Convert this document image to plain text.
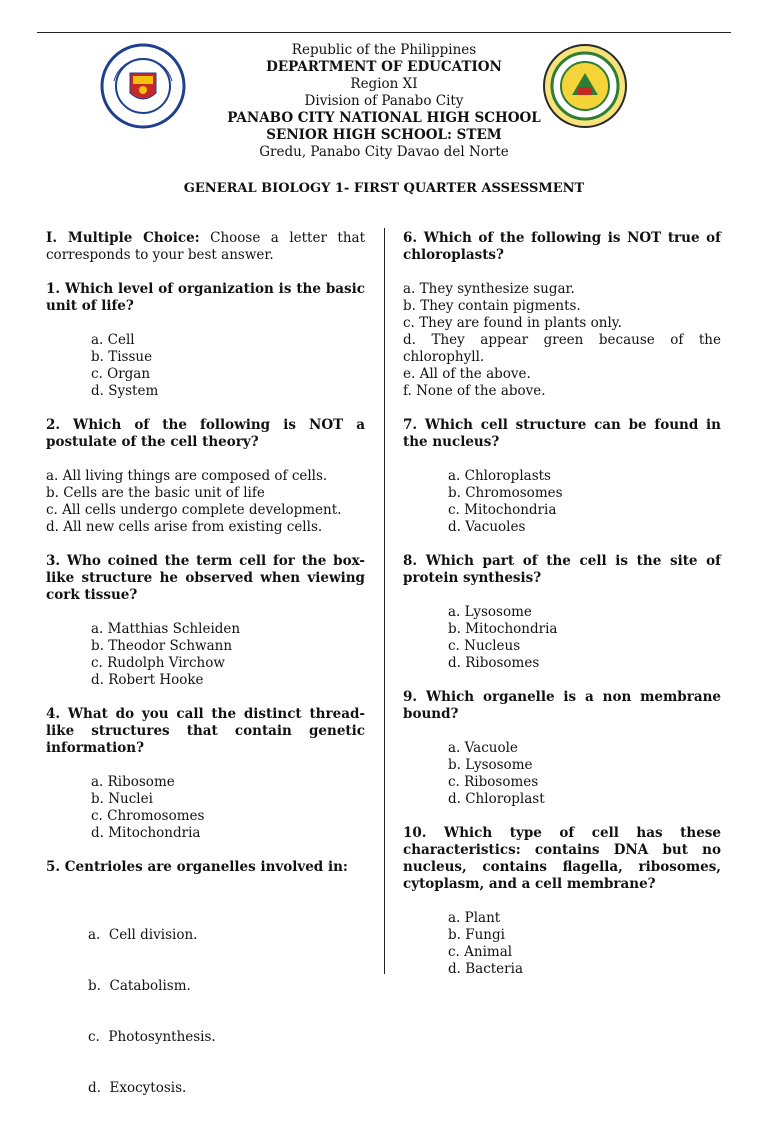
Republic of the Philippines
DEPARTMENT OF EDUCATION
Region XI
Division of Panabo City
PANABO CITY NATIONAL HIGH SCHOOL
SENIOR HIGH SCHOOL: STEM
Gredu, Panabo City Davao del Norte
GENERAL BIOLOGY 1- FIRST QUARTER ASSESSMENT
I. Multiple Choice: Choose a letter that corresponds to your best answer.
1. Which level of organization is the basic unit of life?
a. Cell
b. Tissue
c. Organ
d. System
2. Which of the following is NOT a postulate of the cell theory?
a. All living things are composed of cells.
b. Cells are the basic unit of life
c. All cells undergo complete development.
d. All new cells arise from existing cells.
3. Who coined the term cell for the box-like structure he observed when viewing cork tissue?
a. Matthias Schleiden
b. Theodor Schwann
c. Rudolph Virchow
d. Robert Hooke
4. What do you call the distinct thread-like structures that contain genetic information?
a. Ribosome
b. Nuclei
c. Chromosomes
d. Mitochondria
5. Centrioles are organelles involved in:

a.  Cell division.

b.  Catabolism.

c.  Photosynthesis.

d.  Exocytosis.

6. Which of the following is NOT true of chloroplasts?
a. They synthesize sugar.
b. They contain pigments.
c. They are found in plants only.
d. They appear green because of the chlorophyll.
e. All of the above.
f. None of the above.
7. Which cell structure can be found in the nucleus?
a. Chloroplasts
b. Chromosomes
c. Mitochondria
d. Vacuoles
8. Which part of the cell is the site of protein synthesis?
a. Lysosome
b. Mitochondria
c. Nucleus
d. Ribosomes
9. Which organelle is a non membrane bound?
a. Vacuole
b. Lysosome
c. Ribosomes
d. Chloroplast
10. Which type of cell has these characteristics: contains DNA but no nucleus, contains flagella, ribosomes, cytoplasm, and a cell membrane?
a. Plant
b. Fungi
c. Animal
d. Bacteria
